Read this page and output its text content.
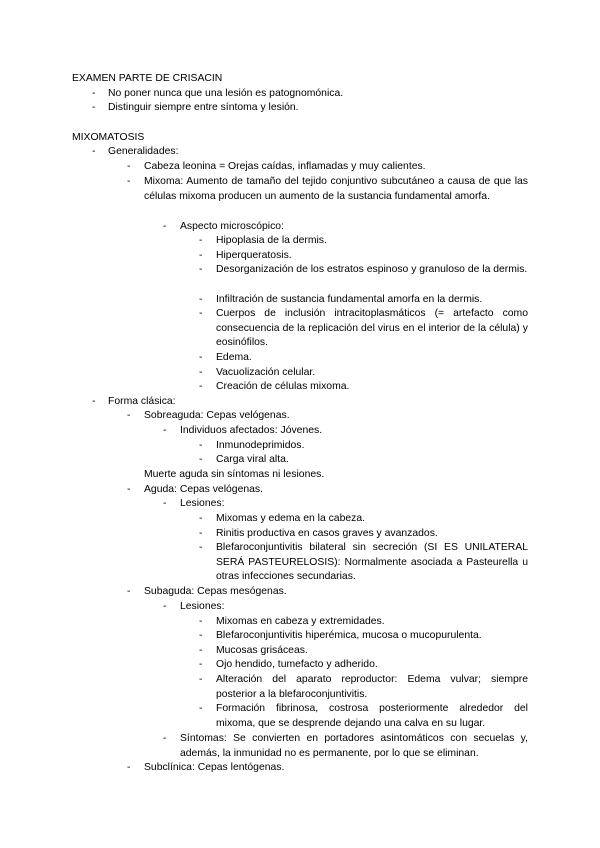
EXAMEN PARTE DE CRISACIN
- No poner nunca que una lesión es patognomónica.
- Distinguir siempre entre síntoma y lesión.
MIXOMATOSIS
- Generalidades:
- Cabeza leonina = Orejas caídas, inflamadas y muy calientes.
- Mixoma: Aumento de tamaño del tejido conjuntivo subcutáneo a causa de que las células mixoma producen un aumento de la sustancia fundamental amorfa.
- Aspecto microscópico:
- Hipoplasia de la dermis.
- Hiperqueratosis.
- Desorganización de los estratos espinoso y granuloso de la dermis.
- Infiltración de sustancia fundamental amorfa en la dermis.
- Cuerpos de inclusión intracitoplasmáticos (= artefacto como consecuencia de la replicación del virus en el interior de la célula) y eosinófilos.
- Edema.
- Vacuolización celular.
- Creación de células mixoma.
- Forma clásica:
- Sobreaguda: Cepas velógenas.
- Individuos afectados: Jóvenes.
- Inmunodeprimidos.
- Carga viral alta.
Muerte aguda sin síntomas ni lesiones.
- Aguda: Cepas velógenas.
- Lesiones:
- Mixomas y edema en la cabeza.
- Rinitis productiva en casos graves y avanzados.
- Blefaroconjuntivitis bilateral sin secreción (SI ES UNILATERAL SERÁ PASTEURELOSIS): Normalmente asociada a Pasteurella u otras infecciones secundarias.
- Subaguda: Cepas mesógenas.
- Lesiones:
- Mixomas en cabeza y extremidades.
- Blefaroconjuntivitis hiperémica, mucosa o mucopurulenta.
- Mucosas grisáceas.
- Ojo hendido, tumefacto y adherido.
- Alteración del aparato reproductor: Edema vulvar; siempre posterior a la blefaroconjuntivitis.
- Formación fibrinosa, costrosa posteriormente alrededor del mixoma, que se desprende dejando una calva en su lugar.
- Síntomas: Se convierten en portadores asintomáticos con secuelas y, además, la inmunidad no es permanente, por lo que se eliminan.
- Subclínica: Cepas lentógenas.
